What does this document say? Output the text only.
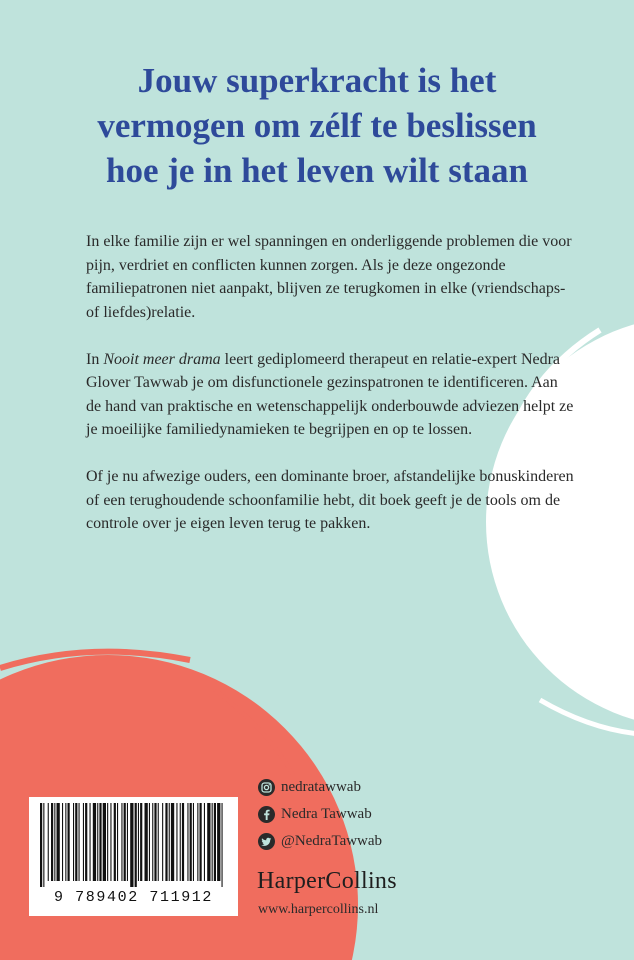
Jouw superkracht is het
vermogen om zélf te beslissen
hoe je in het leven wilt staan

In elke familie zijn er wel spanningen en onderliggende problemen die voor pijn, verdriet en conflicten kunnen zorgen. Als je deze ongezonde familiepatronen niet aanpakt, blijven ze terugkomen in elke (vriendschaps- of liefdes)relatie.

In Nooit meer drama leert gediplomeerd therapeut en relatie-expert Nedra Glover Tawwab je om disfunctionele gezinspatronen te identificeren. Aan de hand van praktische en wetenschappelijk onderbouwde adviezen helpt ze je moeilijke familiedynamieken te begrijpen en op te lossen.

Of je nu afwezige ouders, een dominante broer, afstandelijke bonuskinderen of een terughoudende schoonfamilie hebt, dit boek geeft je de tools om de controle over je eigen leven terug te pakken.

9 789402 711912
nedratawwab
Nedra Tawwab
@NedraTawwab
HarperCollins
www.harpercollins.nl
